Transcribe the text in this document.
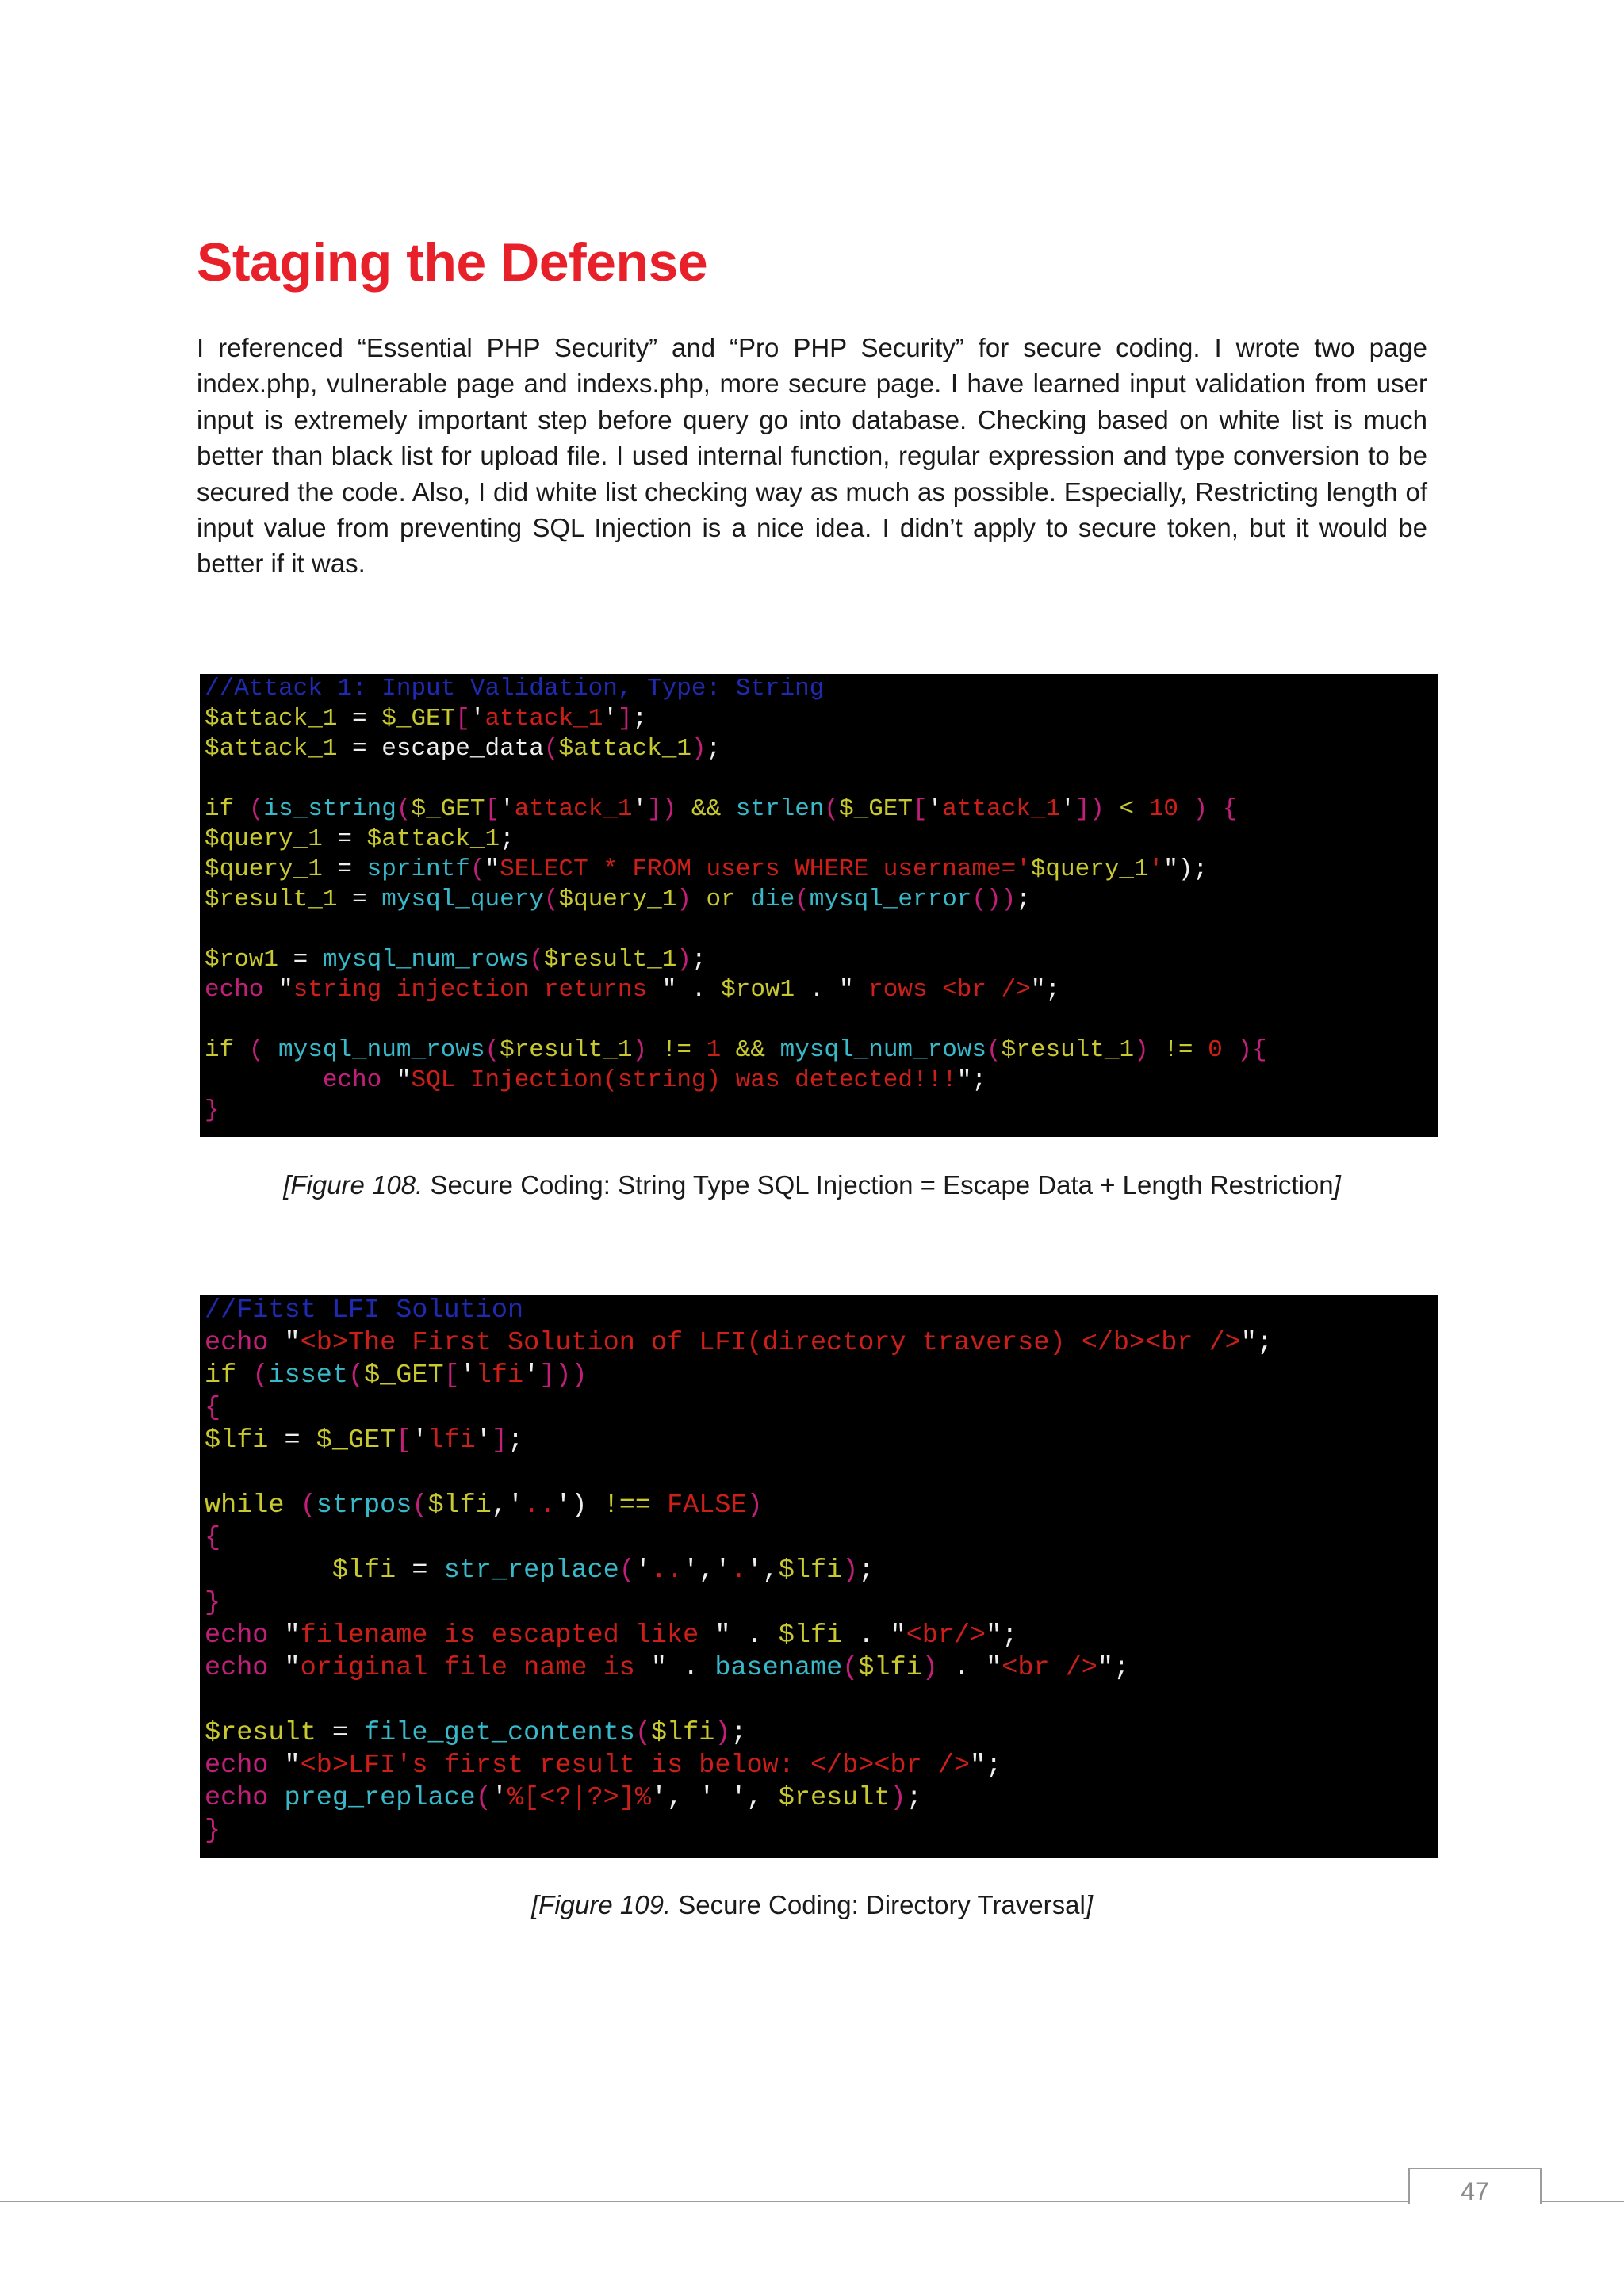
Staging the Defense

I referenced “Essential PHP Security” and “Pro PHP Security” for secure coding. I wrote two page index.php, vulnerable page and indexs.php, more secure page. I have learned input validation from user input is extremely important step before query go into database. Checking based on white list is much better than black list for upload file. I used internal function, regular expression and type conversion to be secured the code. Also, I did white list checking way as much as possible. Especially, Restricting length of input value from preventing SQL Injection is a nice idea. I didn’t apply to secure token, but it would be better if it was.

//Attack 1: Input Validation, Type: String
$attack_1 = $_GET['attack_1'];
$attack_1 = escape_data($attack_1);
if (is_string($_GET['attack_1']) && strlen($_GET['attack_1']) < 10 ) {
$query_1 = $attack_1;
$query_1 = sprintf("SELECT * FROM users WHERE username='$query_1'");
$result_1 = mysql_query($query_1) or die(mysql_error());
$row1 = mysql_num_rows($result_1);
echo "string injection returns " . $row1 . " rows <br />";
if ( mysql_num_rows($result_1) != 1 && mysql_num_rows($result_1) != 0 ){
echo "SQL Injection(string) was detected!!!";
}
[Figure 108. Secure Coding: String Type SQL Injection = Escape Data + Length Restriction]
//Fitst LFI Solution
echo "<b>The First Solution of LFI(directory traverse) </b><br />";
if (isset($_GET['lfi']))
{
$lfi = $_GET['lfi'];
while (strpos($lfi,'..') !== FALSE)
{
$lfi = str_replace('..','.',$lfi);
}
echo "filename is escapted like " . $lfi . "<br/>";
echo "original file name is " . basename($lfi) . "<br />";
$result = file_get_contents($lfi);
echo "<b>LFI's first result is below: </b><br />";
echo preg_replace('%[<?|?>]%', ' ', $result);
}
[Figure 109. Secure Coding: Directory Traversal]
47
